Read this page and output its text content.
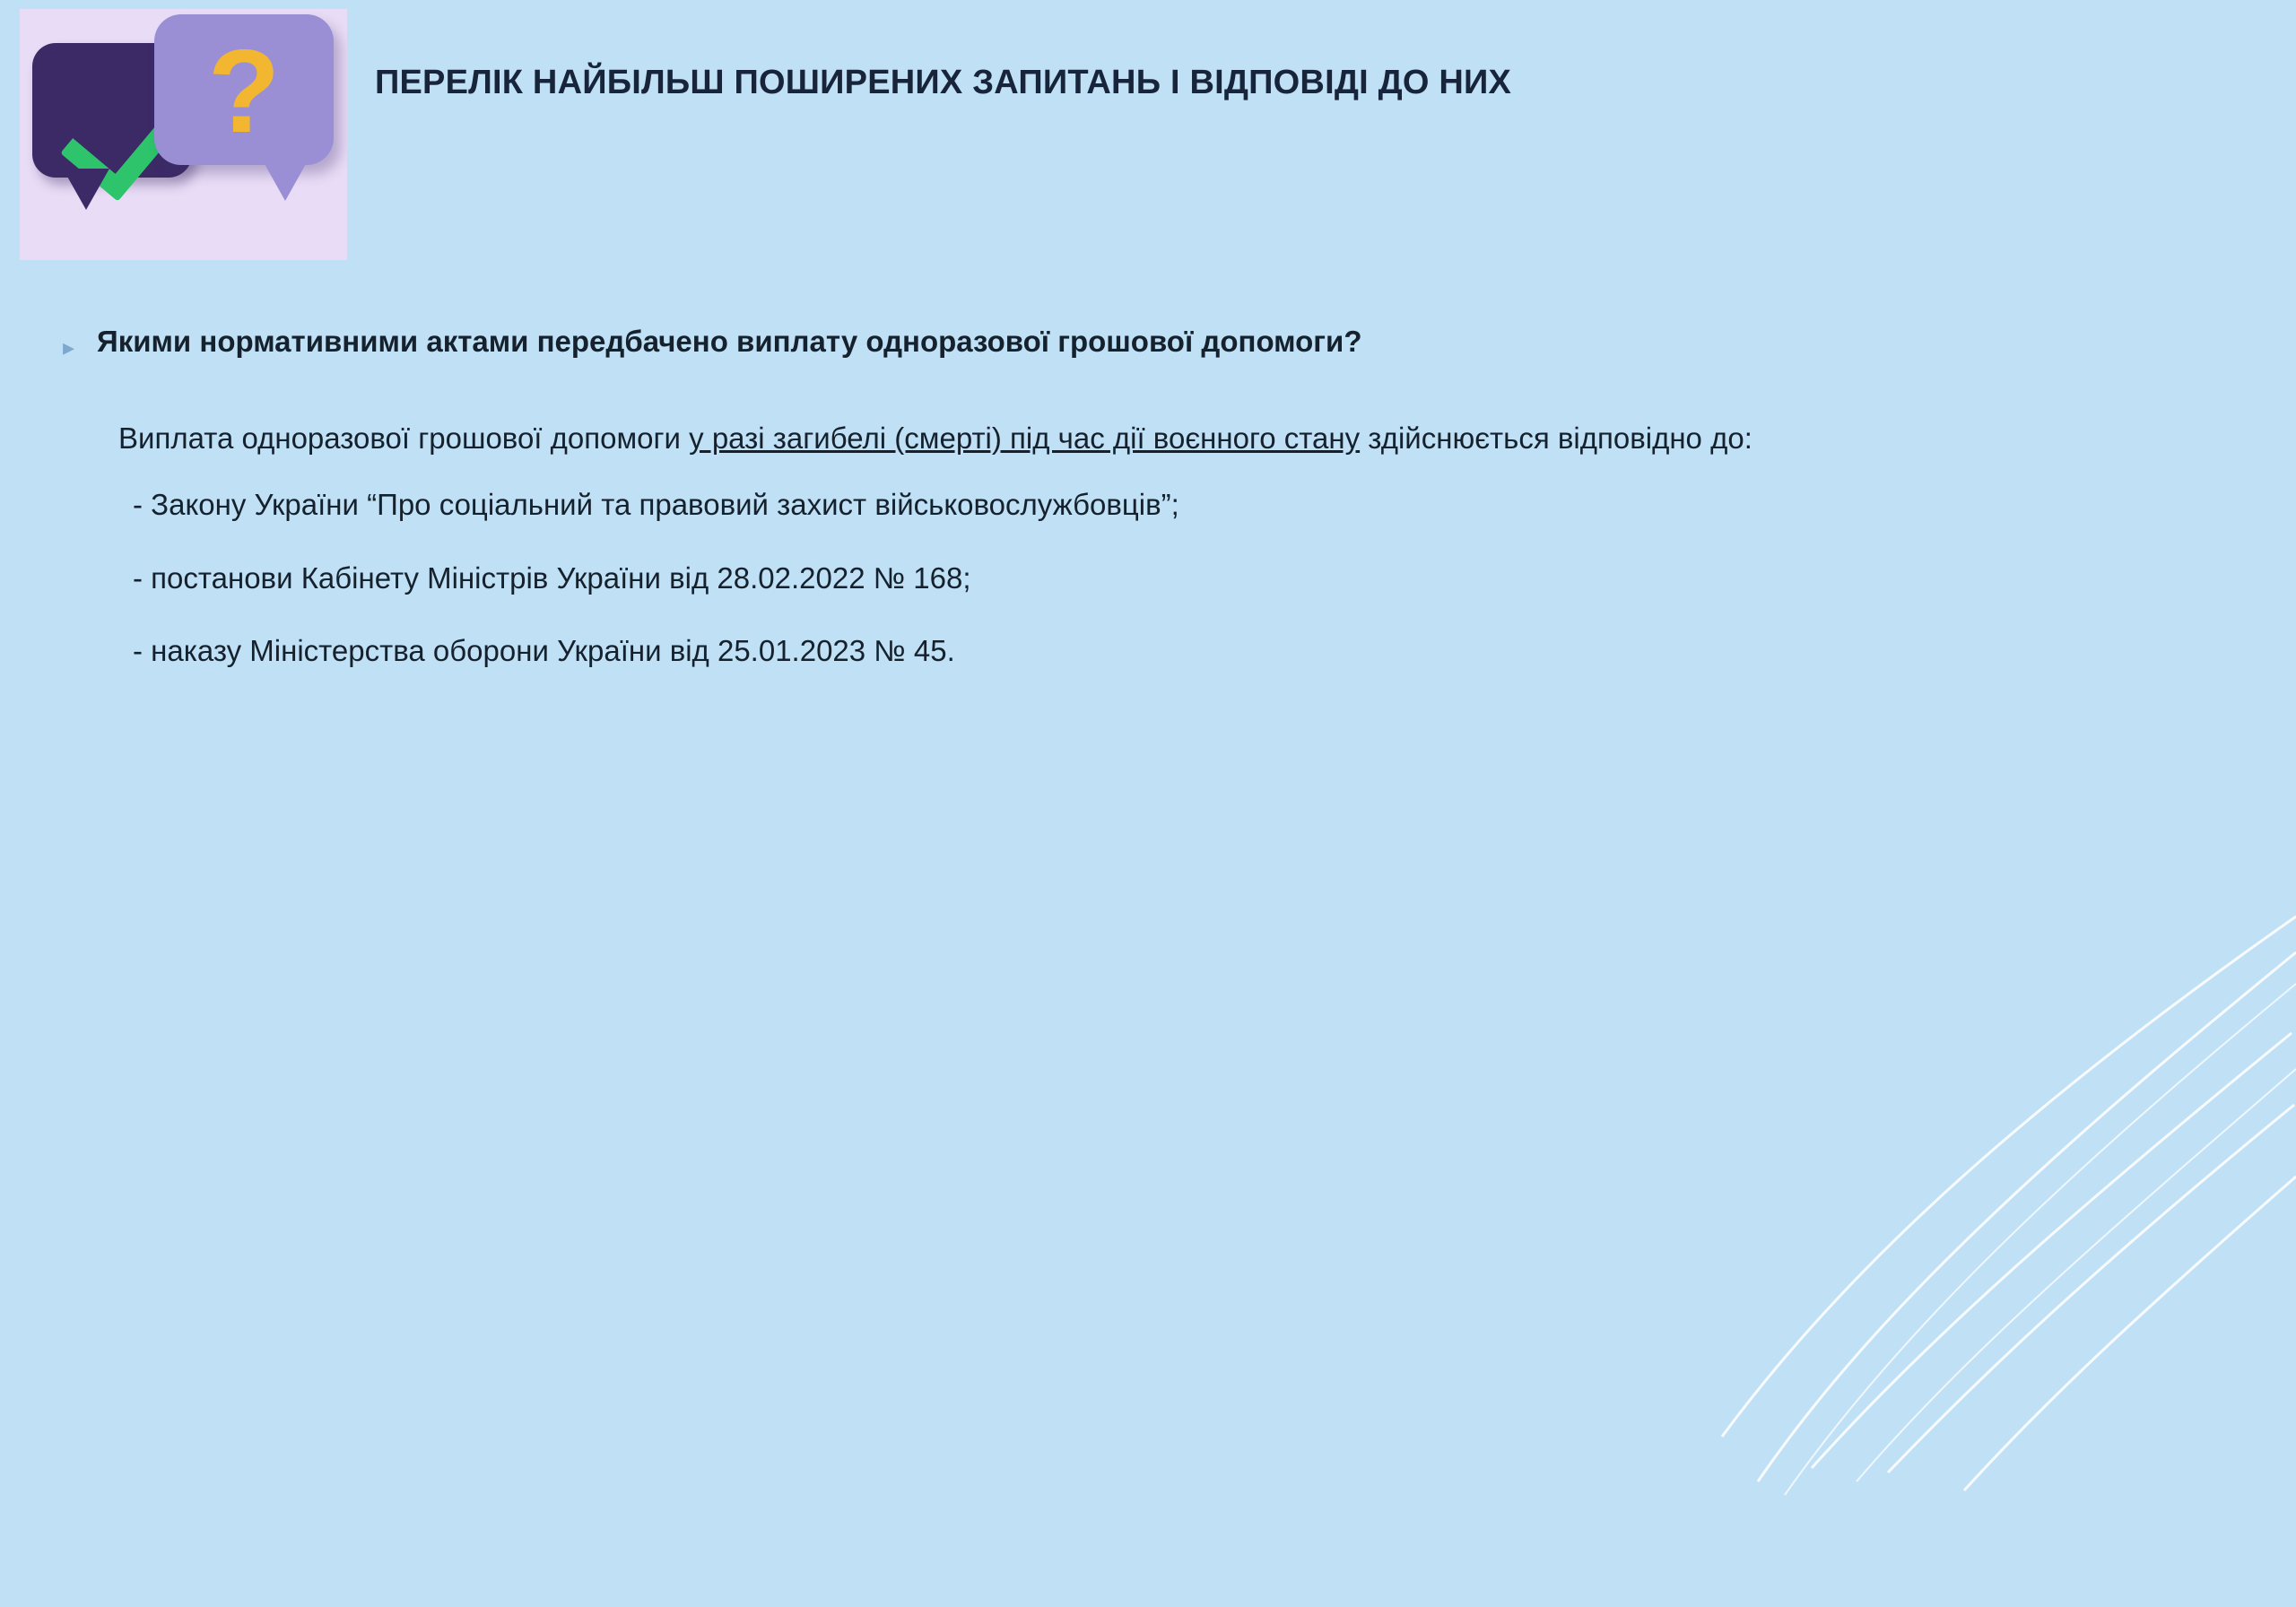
?	ПЕРЕЛІК НАЙБІЛЬШ ПОШИРЕНИХ ЗАПИТАНЬ І ВІДПОВІДІ ДО НИХ
▸ Якими нормативними актами передбачено виплату одноразової грошової допомоги?

Виплата одноразової грошової допомоги у разі загибелі (смерті) під час дії воєнного стану здійснюється відповідно до:

- Закону України “Про соціальний та правовий захист військовослужбовців”;
- постанови Кабінету Міністрів України від 28.02.2022 № 168;
- наказу Міністерства оборони України від 25.01.2023 № 45.
